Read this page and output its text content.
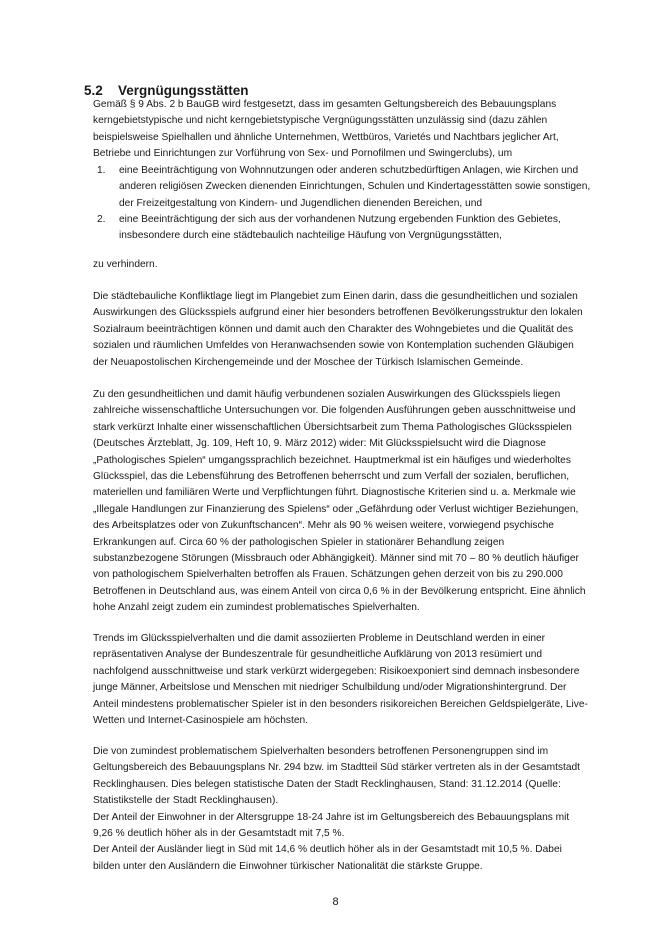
5.2 Vergnügungsstätten
Gemäß § 9 Abs. 2 b BauGB wird festgesetzt, dass im gesamten Geltungsbereich des Bebauungsplans
kerngebietstypische und nicht kerngebietstypische Vergnügungsstätten unzulässig sind (dazu zählen
beispielsweise Spielhallen und ähnliche Unternehmen, Wettbüros, Varietés und Nachtbars jeglicher Art,
Betriebe und Einrichtungen zur Vorführung von Sex- und Pornofilmen und Swingerclubs), um
1. eine Beeinträchtigung von Wohnnutzungen oder anderen schutzbedürftigen Anlagen, wie Kirchen und
anderen religiösen Zwecken dienenden Einrichtungen, Schulen und Kindertagesstätten sowie sonstigen,
der Freizeitgestaltung von Kindern- und Jugendlichen dienenden Bereichen, und
2. eine Beeinträchtigung der sich aus der vorhandenen Nutzung ergebenden Funktion des Gebietes,
insbesondere durch eine städtebaulich nachteilige Häufung von Vergnügungsstätten,
zu verhindern.
Die städtebauliche Konfliktlage liegt im Plangebiet zum Einen darin, dass die gesundheitlichen und sozialen
Auswirkungen des Glücksspiels aufgrund einer hier besonders betroffenen Bevölkerungsstruktur den lokalen
Sozialraum beeinträchtigen können und damit auch den Charakter des Wohngebietes und die Qualität des
sozialen und räumlichen Umfeldes von Heranwachsenden sowie von Kontemplation suchenden Gläubigen
der Neuapostolischen Kirchengemeinde und der Moschee der Türkisch Islamischen Gemeinde.
Zu den gesundheitlichen und damit häufig verbundenen sozialen Auswirkungen des Glücksspiels liegen
zahlreiche wissenschaftliche Untersuchungen vor. Die folgenden Ausführungen geben ausschnittweise und
stark verkürzt Inhalte einer wissenschaftlichen Übersichtsarbeit zum Thema Pathologisches Glücksspielen
(Deutsches Ärzteblatt, Jg. 109, Heft 10, 9. März 2012) wider: Mit Glücksspielsucht wird die Diagnose
„Pathologisches Spielen“ umgangssprachlich bezeichnet. Hauptmerkmal ist ein häufiges und wiederholtes
Glücksspiel, das die Lebensführung des Betroffenen beherrscht und zum Verfall der sozialen, beruflichen,
materiellen und familiären Werte und Verpflichtungen führt. Diagnostische Kriterien sind u. a. Merkmale wie
„Illegale Handlungen zur Finanzierung des Spielens“ oder „Gefährdung oder Verlust wichtiger Beziehungen,
des Arbeitsplatzes oder von Zukunftschancen“. Mehr als 90 % weisen weitere, vorwiegend psychische
Erkrankungen auf. Circa 60 % der pathologischen Spieler in stationärer Behandlung zeigen
substanzbezogene Störungen (Missbrauch oder Abhängigkeit). Männer sind mit 70 – 80 % deutlich häufiger
von pathologischem Spielverhalten betroffen als Frauen. Schätzungen gehen derzeit von bis zu 290.000
Betroffenen in Deutschland aus, was einem Anteil von circa 0,6 % in der Bevölkerung entspricht. Eine ähnlich
hohe Anzahl zeigt zudem ein zumindest problematisches Spielverhalten.
Trends im Glücksspielverhalten und die damit assoziierten Probleme in Deutschland werden in einer
repräsentativen Analyse der Bundeszentrale für gesundheitliche Aufklärung von 2013 resümiert und
nachfolgend ausschnittweise und stark verkürzt widergegeben: Risikoexponiert sind demnach insbesondere
junge Männer, Arbeitslose und Menschen mit niedriger Schulbildung und/oder Migrationshintergrund. Der
Anteil mindestens problematischer Spieler ist in den besonders risikoreichen Bereichen Geldspielgeräte, Live-
Wetten und Internet-Casinospiele am höchsten.
Die von zumindest problematischem Spielverhalten besonders betroffenen Personengruppen sind im
Geltungsbereich des Bebauungsplans Nr. 294 bzw. im Stadtteil Süd stärker vertreten als in der Gesamtstadt
Recklinghausen. Dies belegen statistische Daten der Stadt Recklinghausen, Stand: 31.12.2014 (Quelle:
Statistikstelle der Stadt Recklinghausen).
Der Anteil der Einwohner in der Altersgruppe 18-24 Jahre ist im Geltungsbereich des Bebauungsplans mit
9,26 % deutlich höher als in der Gesamtstadt mit 7,5 %.
Der Anteil der Ausländer liegt in Süd mit 14,6 % deutlich höher als in der Gesamtstadt mit 10,5 %. Dabei
bilden unter den Ausländern die Einwohner türkischer Nationalität die stärkste Gruppe.
8
